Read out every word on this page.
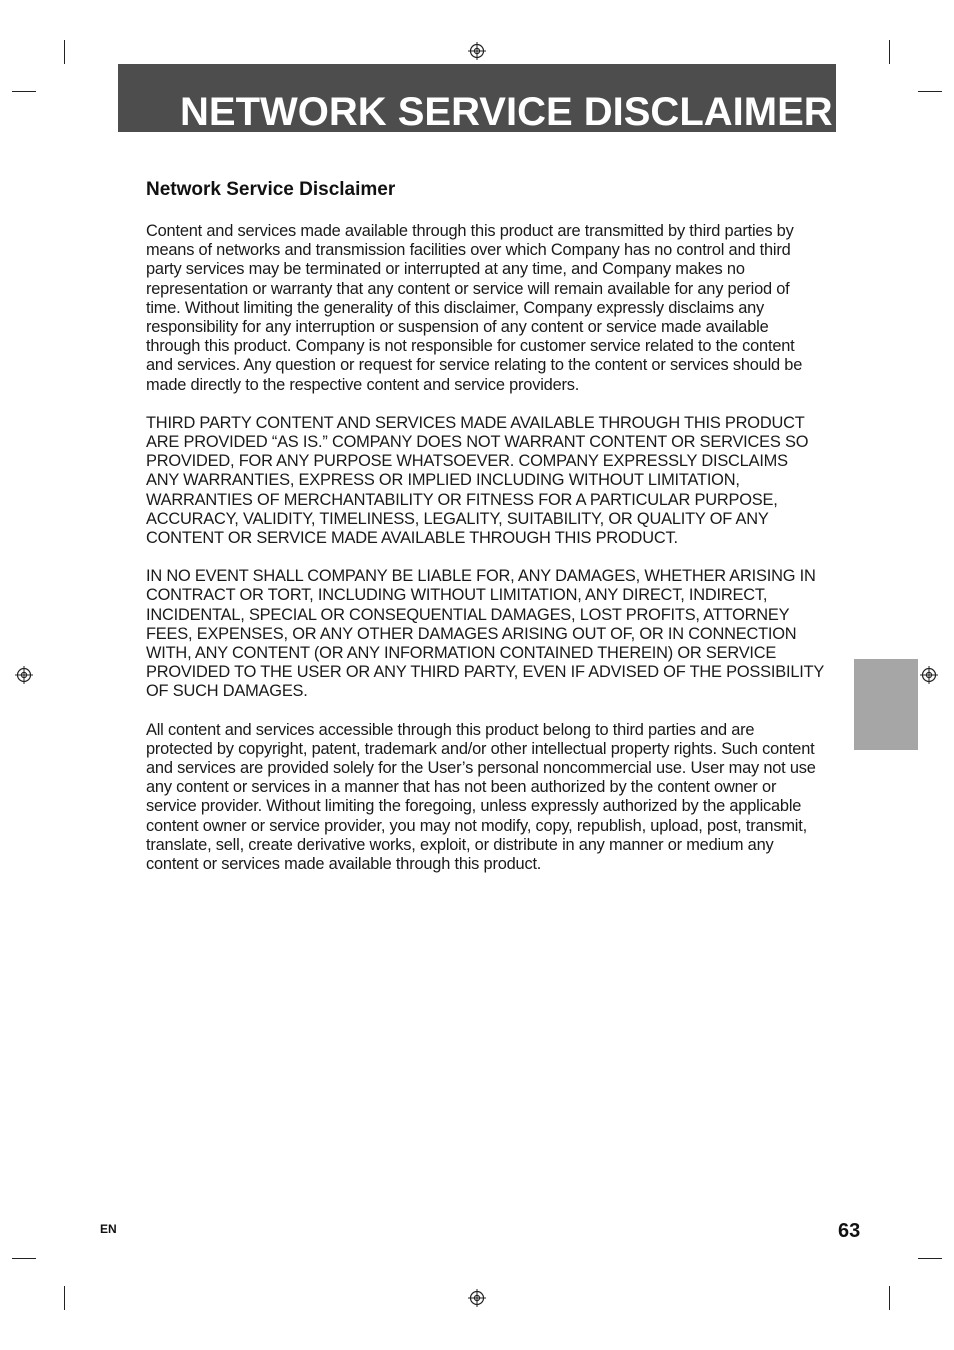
NETWORK SERVICE DISCLAIMER
Network Service Disclaimer

Content and services made available through this product are transmitted by third parties by means of networks and transmission facilities over which Company has no control and third party services may be terminated or interrupted at any time, and Company makes no representation or warranty that any content or service will remain available for any period of time. Without limiting the generality of this disclaimer, Company expressly disclaims any responsibility for any interruption or suspension of any content or service made available through this product. Company is not responsible for customer service related to the content and services. Any question or request for service relating to the content or services should be made directly to the respective content and service providers.

THIRD PARTY CONTENT AND SERVICES MADE AVAILABLE THROUGH THIS PRODUCT ARE PROVIDED “AS IS.” COMPANY DOES NOT WARRANT CONTENT OR SERVICES SO PROVIDED, FOR ANY PURPOSE WHATSOEVER. COMPANY EXPRESSLY DISCLAIMS ANY WARRANTIES, EXPRESS OR IMPLIED INCLUDING WITHOUT LIMITATION, WARRANTIES OF MERCHANTABILITY OR FITNESS FOR A PARTICULAR PURPOSE, ACCURACY, VALIDITY, TIMELINESS, LEGALITY, SUITABILITY, OR QUALITY OF ANY CONTENT OR SERVICE MADE AVAILABLE THROUGH THIS PRODUCT.

IN NO EVENT SHALL COMPANY BE LIABLE FOR, ANY DAMAGES, WHETHER ARISING IN CONTRACT OR TORT, INCLUDING WITHOUT LIMITATION, ANY DIRECT, INDIRECT, INCIDENTAL, SPECIAL OR CONSEQUENTIAL DAMAGES, LOST PROFITS, ATTORNEY FEES, EXPENSES, OR ANY OTHER DAMAGES ARISING OUT OF, OR IN CONNECTION WITH, ANY CONTENT (OR ANY INFORMATION CONTAINED THEREIN) OR SERVICE PROVIDED TO THE USER OR ANY THIRD PARTY, EVEN IF ADVISED OF THE POSSIBILITY OF SUCH DAMAGES.

All content and services accessible through this product belong to third parties and are protected by copyright, patent, trademark and/or other intellectual property rights. Such content and services are provided solely for the User’s personal noncommercial use. User may not use any content or services in a manner that has not been authorized by the content owner or service provider. Without limiting the foregoing, unless expressly authorized by the applicable content owner or service provider, you may not modify, copy, republish, upload, post, transmit, translate, sell, create derivative works, exploit, or distribute in any manner or medium any content or services made available through this product.

EN	63
